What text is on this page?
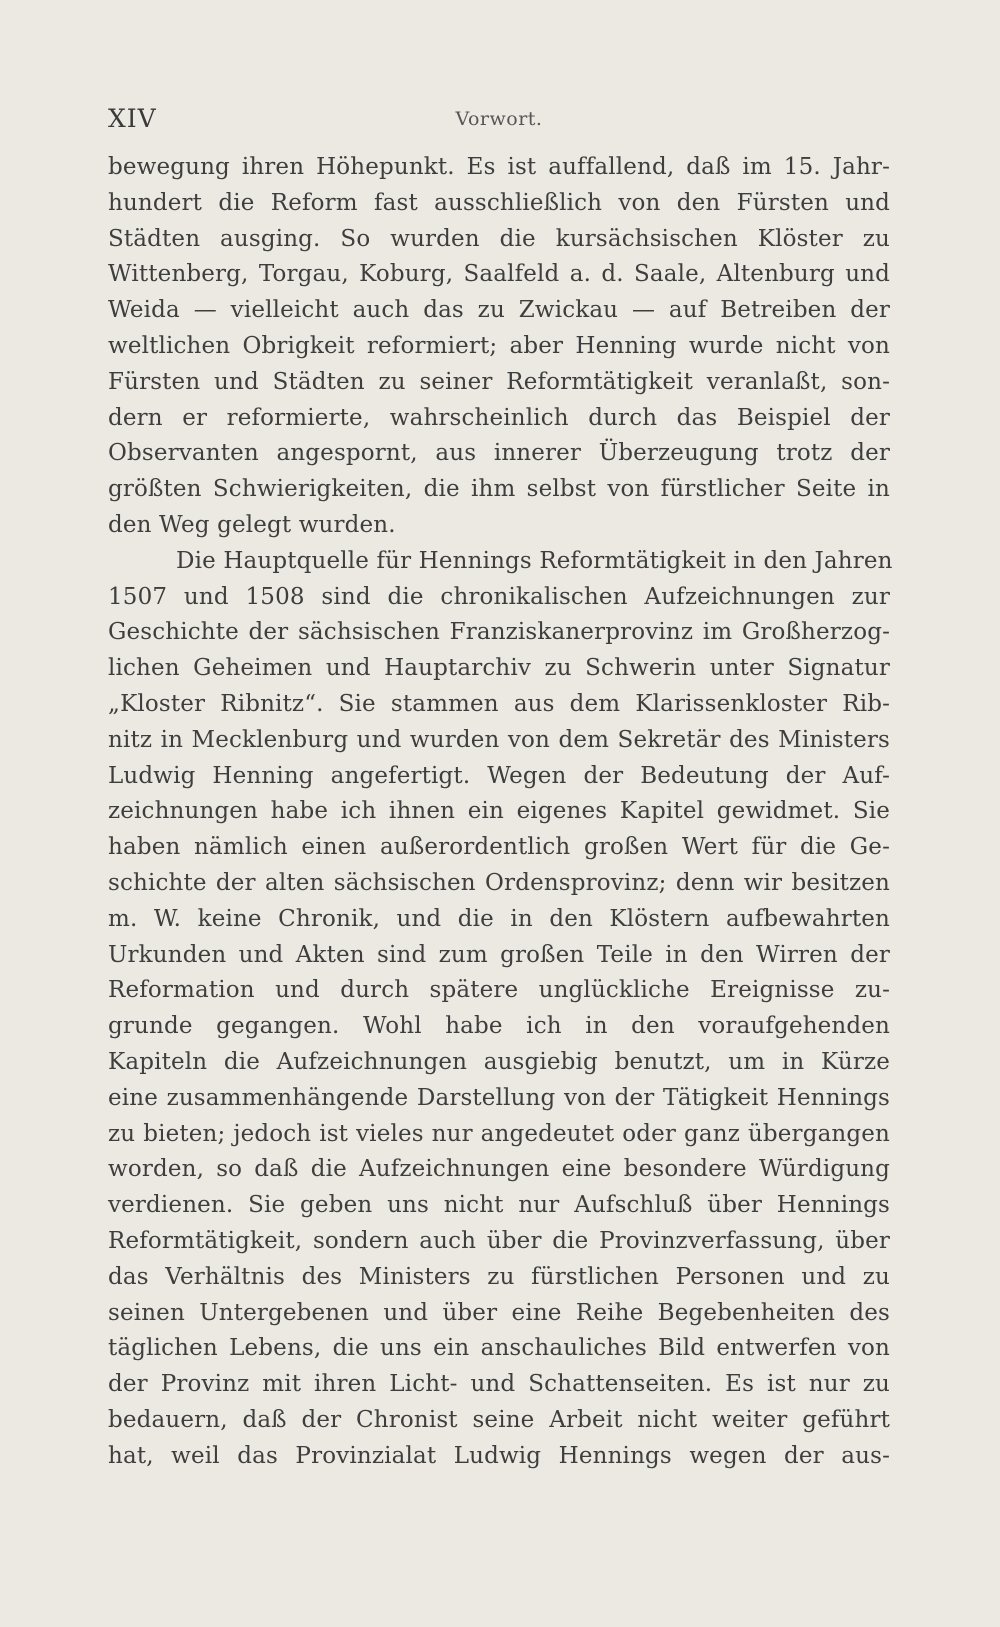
XIV	Vorwort.
bewegung ihren Höhepunkt. Es ist auffallend, daß im 15. Jahr-
hundert die Reform fast ausschließlich von den Fürsten und
Städten ausging. So wurden die kursächsischen Klöster zu
Wittenberg, Torgau, Koburg, Saalfeld a. d. Saale, Altenburg und
Weida — vielleicht auch das zu Zwickau — auf Betreiben der
weltlichen Obrigkeit reformiert; aber Henning wurde nicht von
Fürsten und Städten zu seiner Reformtätigkeit veranlaßt, son-
dern er reformierte, wahrscheinlich durch das Beispiel der
Observanten angespornt, aus innerer Überzeugung trotz der
größten Schwierigkeiten, die ihm selbst von fürstlicher Seite in
den Weg gelegt wurden.
Die Hauptquelle für Hennings Reformtätigkeit in den Jahren
1507 und 1508 sind die chronikalischen Aufzeichnungen zur
Geschichte der sächsischen Franziskanerprovinz im Großherzog-
lichen Geheimen und Hauptarchiv zu Schwerin unter Signatur
„Kloster Ribnitz“. Sie stammen aus dem Klarissenkloster Rib-
nitz in Mecklenburg und wurden von dem Sekretär des Ministers
Ludwig Henning angefertigt. Wegen der Bedeutung der Auf-
zeichnungen habe ich ihnen ein eigenes Kapitel gewidmet. Sie
haben nämlich einen außerordentlich großen Wert für die Ge-
schichte der alten sächsischen Ordensprovinz; denn wir besitzen
m. W. keine Chronik, und die in den Klöstern aufbewahrten
Urkunden und Akten sind zum großen Teile in den Wirren der
Reformation und durch spätere unglückliche Ereignisse zu-
grunde gegangen. Wohl habe ich in den voraufgehenden
Kapiteln die Aufzeichnungen ausgiebig benutzt, um in Kürze
eine zusammenhängende Darstellung von der Tätigkeit Hennings
zu bieten; jedoch ist vieles nur angedeutet oder ganz übergangen
worden, so daß die Aufzeichnungen eine besondere Würdigung
verdienen. Sie geben uns nicht nur Aufschluß über Hennings
Reformtätigkeit, sondern auch über die Provinzverfassung, über
das Verhältnis des Ministers zu fürstlichen Personen und zu
seinen Untergebenen und über eine Reihe Begebenheiten des
täglichen Lebens, die uns ein anschauliches Bild entwerfen von
der Provinz mit ihren Licht- und Schattenseiten. Es ist nur zu
bedauern, daß der Chronist seine Arbeit nicht weiter geführt
hat, weil das Provinzialat Ludwig Hennings wegen der aus-
